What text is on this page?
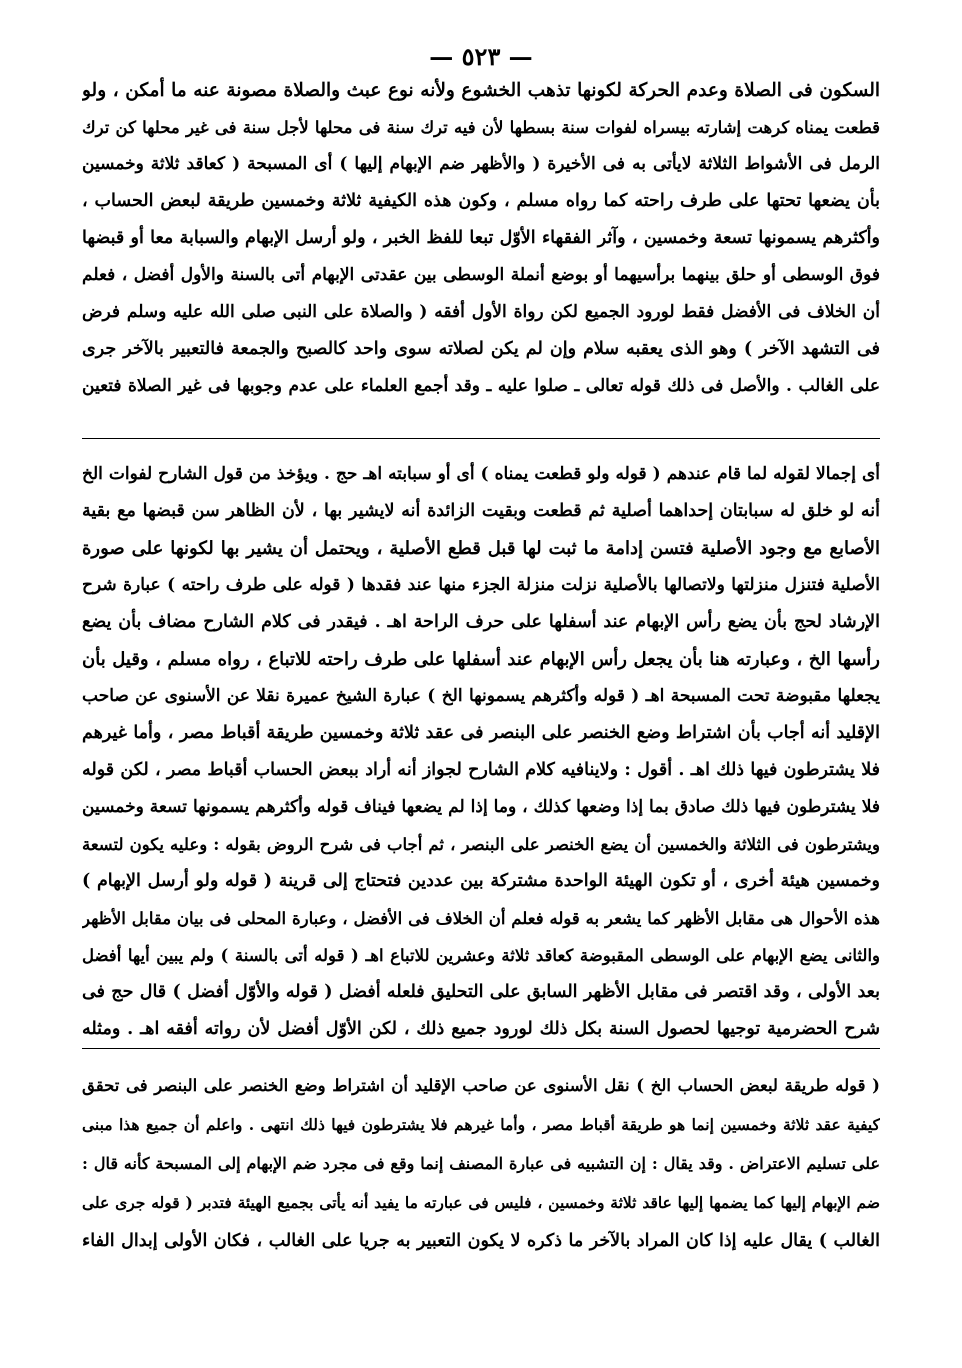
— ٥٢٣ —
السكون فى الصلاة وعدم الحركة لكونها تذهب الخشوع ولأنه نوع عبث والصلاة مصونة عنه ما أمكن ، ولو
قطعت يمناه كرهت إشارته بيسراه لفوات سنة بسطها لأن فيه ترك سنة فى محلها لأجل سنة فى غير محلها كن ترك
الرمل فى الأشواط الثلاثة لايأتى به فى الأخيرة ( والأظهر ضم الإبهام إليها ) أى المسبحة ( كعاقد ثلاثة وخمسين
بأن يضعها تحتها على طرف راحته كما رواه مسلم ، وكون هذه الكيفية ثلاثة وخمسين طريقة لبعض الحساب ،
وأكثرهم يسمونها تسعة وخمسين ، وآثر الفقهاء الأوّل تبعا للفظ الخبر ، ولو أرسل الإبهام والسبابة معا أو قبضها
فوق الوسطى أو حلق بينهما برأسيهما أو بوضع أنملة الوسطى بين عقدتى الإبهام أتى بالسنة والأول أفضل ، فعلم
أن الخلاف فى الأفضل فقط لورود الجميع لكن رواة الأول أفقه ( والصلاة على النبى صلى الله عليه وسلم فرض
فى التشهد الآخر ) وهو الذى يعقبه سلام وإن لم يكن لصلاته سوى واحد كالصبح والجمعة فالتعبير بالآخر جرى
على الغالب . والأصل فى ذلك قوله تعالى ـ صلوا عليه ـ وقد أجمع العلماء على عدم وجوبها فى غير الصلاة فتعين
أى إجمالا لقوله لما قام عندهم ( قوله ولو قطعت يمناه ) أى أو سبابته اهـ حج . ويؤخذ من قول الشارح لفوات الخ
أنه لو خلق له سبابتان إحداهما أصلية ثم قطعت وبقيت الزائدة أنه لايشير بها ، لأن الظاهر سن قبضها مع بقية
الأصابع مع وجود الأصلية فتسن إدامة ما ثبت لها قبل قطع الأصلية ، ويحتمل أن يشير بها لكونها على صورة
الأصلية فتنزل منزلتها ولاتصالها بالأصلية نزلت منزلة الجزء منها عند فقدها ( قوله على طرف راحته ) عبارة شرح
الإرشاد لحج بأن يضع رأس الإبهام عند أسفلها على حرف الراحة اهـ . فيقدر فى كلام الشارح مضاف بأن يضع
رأسها الخ ، وعبارته هنا بأن يجعل رأس الإبهام عند أسفلها على طرف راحته للاتباع ، رواه مسلم ، وقيل بأن
يجعلها مقبوضة تحت المسبحة اهـ ( قوله وأكثرهم يسمونها الخ ) عبارة الشيخ عميرة نقلا عن الأسنوى عن صاحب
الإقليد أنه أجاب بأن اشتراط وضع الخنصر على البنصر فى عقد ثلاثة وخمسين طريقة أقباط مصر ، وأما غيرهم
فلا يشترطون فيها ذلك اهـ . أقول : ولاينافيه كلام الشارح لجواز أنه أراد ببعض الحساب أقباط مصر ، لكن قوله
فلا يشترطون فيها ذلك صادق بما إذا وضعها كذلك ، وما إذا لم يضعها فيناف قوله وأكثرهم يسمونها تسعة وخمسين
ويشترطون فى الثلاثة والخمسين أن يضع الخنصر على البنصر ، ثم أجاب فى شرح الروض بقوله : وعليه يكون لتسعة
وخمسين هيئة أخرى ، أو تكون الهيئة الواحدة مشتركة بين عددين فتحتاج إلى قرينة ( قوله ولو أرسل الإبهام )
هذه الأحوال هى مقابل الأظهر كما يشعر به قوله فعلم أن الخلاف فى الأفضل ، وعبارة المحلى فى بيان مقابل الأظهر
والثانى يضع الإبهام على الوسطى المقبوضة كعاقد ثلاثة وعشرين للاتباع اهـ ( قوله أتى بالسنة ) ولم يبين أيها أفضل
بعد الأولى ، وقد اقتصر فى مقابل الأظهر السابق على التحليق فلعله أفضل ( قوله والأوّل أفضل ) قال حج فى
شرح الحضرمية توجيها لحصول السنة بكل ذلك لورود جميع ذلك ، لكن الأوّل أفضل لأن رواته أفقه اهـ . ومثله
( قوله طريقة لبعض الحساب الخ ) نقل الأسنوى عن صاحب الإقليد أن اشتراط وضع الخنصر على البنصر فى تحقق
كيفية عقد ثلاثة وخمسين إنما هو طريقة أقباط مصر ، وأما غيرهم فلا يشترطون فيها ذلك انتهى . واعلم أن جميع هذا مبنى
على تسليم الاعتراض . وقد يقال : إن التشبيه فى عبارة المصنف إنما وقع فى مجرد ضم الإبهام إلى المسبحة كأنه قال :
ضم الإبهام إليها كما يضمها إليها عاقد ثلاثة وخمسين ، فليس فى عبارته ما يفيد أنه يأتى بجميع الهيئة فتدبر ( قوله جرى على
الغالب ) يقال عليه إذا كان المراد بالآخر ما ذكره لا يكون التعبير به جريا على الغالب ، فكان الأولى إبدال الفاء
